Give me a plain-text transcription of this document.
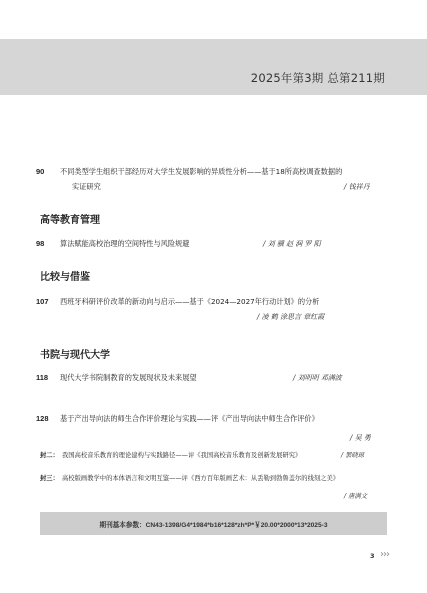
2025年第3期 总第211期
90 不同类型学生组织干部经历对大学生发展影响的异质性分析——基于18所高校调查数据的
实证研究	/ 钱祥丹
高等教育管理
98 算法赋能高校治理的空间特性与风险规避	/ 刘 骥 赵 润 罗 阳
比较与借鉴
107 西班牙科研评价改革的新动向与启示——基于《2024—2027年行动计划》的分析
/ 凌 鹤 涂思言 章红霞
书院与现代大学
118 现代大学书院制教育的发展现状及未来展望	/ 刘明明 邓满波
128 基于产出导向法的师生合作评价理论与实践——评《产出导向法中师生合作评价》
/ 吴 勇
封二： 我国高校音乐教育的理论建构与实践路径——评《我国高校音乐教育及创新发展研究》	/ 罢晓琼
封三： 高校版画教学中的本体语言和文明互鉴——评《西方百年版画艺术：从丢勒到勃鲁盖尔的线刻之美》
/ 唐满文
期刊基本参数：CN43-1398/G4*1984*b16*128*zh*P*￥20.00*2000*13*2025-3
3 ›››
